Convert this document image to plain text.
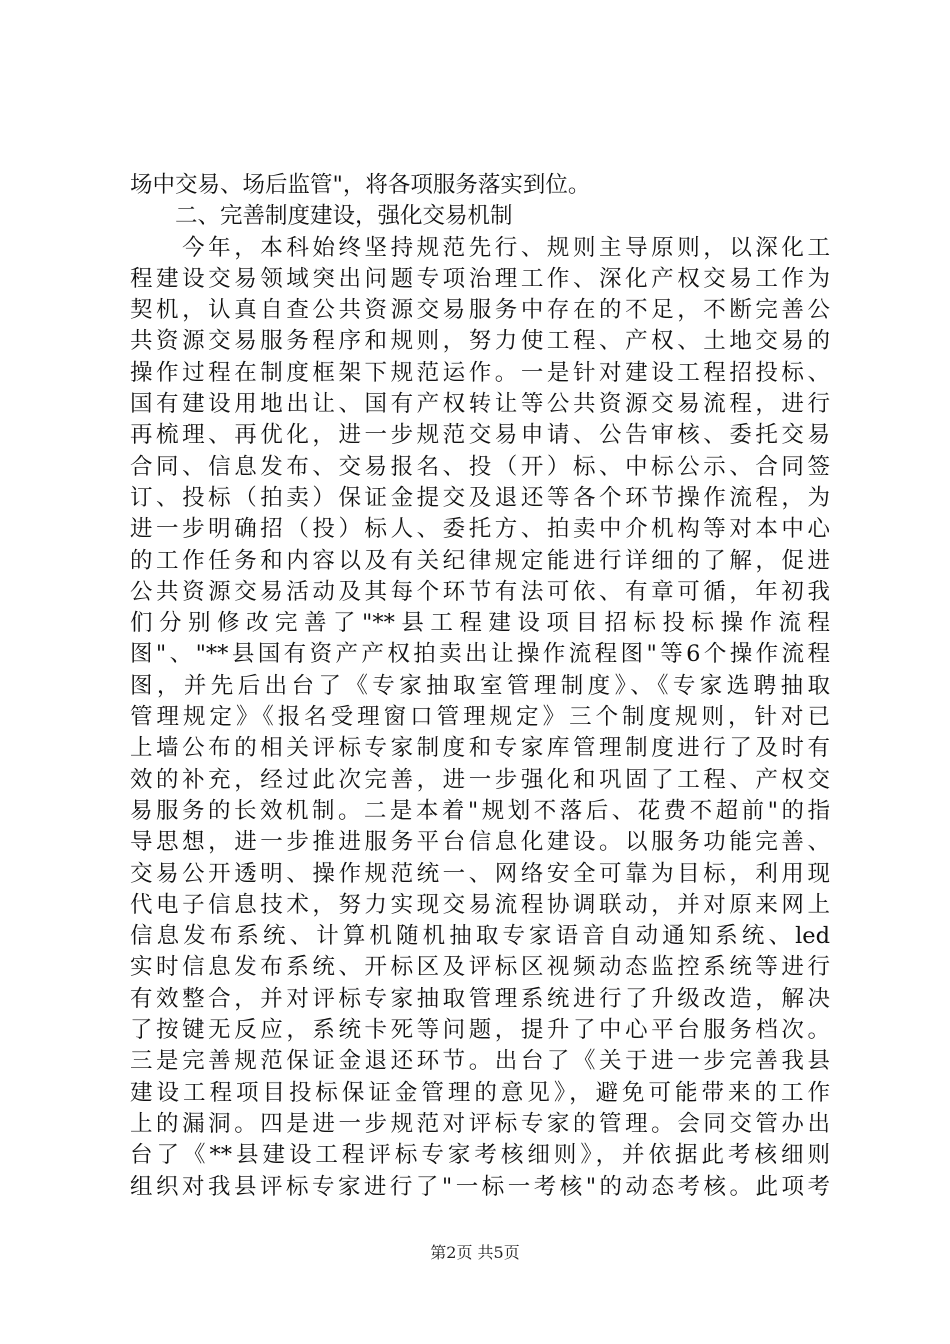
场中交易、场后监管"，将各项服务落实到位。
　　二、完善制度建设，强化交易机制
　　今年，本科始终坚持规范先行、规则主导原则，以深化工
程建设交易领域突出问题专项治理工作、深化产权交易工作为
契机，认真自查公共资源交易服务中存在的不足，不断完善公
共资源交易服务程序和规则，努力使工程、产权、土地交易的
操作过程在制度框架下规范运作。一是针对建设工程招投标、
国有建设用地出让、国有产权转让等公共资源交易流程，进行
再梳理、再优化，进一步规范交易申请、公告审核、委托交易
合同、信息发布、交易报名、投（开）标、中标公示、合同签
订、投标（拍卖）保证金提交及退还等各个环节操作流程，为
进一步明确招（投）标人、委托方、拍卖中介机构等对本中心
的工作任务和内容以及有关纪律规定能进行详细的了解，促进
公共资源交易活动及其每个环节有法可依、有章可循，年初我
们分别修改完善了"**县工程建设项目招标投标操作流程
图"、"**县国有资产产权拍卖出让操作流程图"等6个操作流程
图，并先后出台了《专家抽取室管理制度》、《专家选聘抽取
管理规定》《报名受理窗口管理规定》三个制度规则，针对已
上墙公布的相关评标专家制度和专家库管理制度进行了及时有
效的补充，经过此次完善，进一步强化和巩固了工程、产权交
易服务的长效机制。二是本着"规划不落后、花费不超前"的指
导思想，进一步推进服务平台信息化建设。以服务功能完善、
交易公开透明、操作规范统一、网络安全可靠为目标，利用现
代电子信息技术，努力实现交易流程协调联动，并对原来网上
信息发布系统、计算机随机抽取专家语音自动通知系统、led
实时信息发布系统、开标区及评标区视频动态监控系统等进行
有效整合，并对评标专家抽取管理系统进行了升级改造，解决
了按键无反应，系统卡死等问题，提升了中心平台服务档次。
三是完善规范保证金退还环节。出台了《关于进一步完善我县
建设工程项目投标保证金管理的意见》，避免可能带来的工作
上的漏洞。四是进一步规范对评标专家的管理。会同交管办出
台了《**县建设工程评标专家考核细则》，并依据此考核细则
组织对我县评标专家进行了"一标一考核"的动态考核。此项考
第2页 共5页
